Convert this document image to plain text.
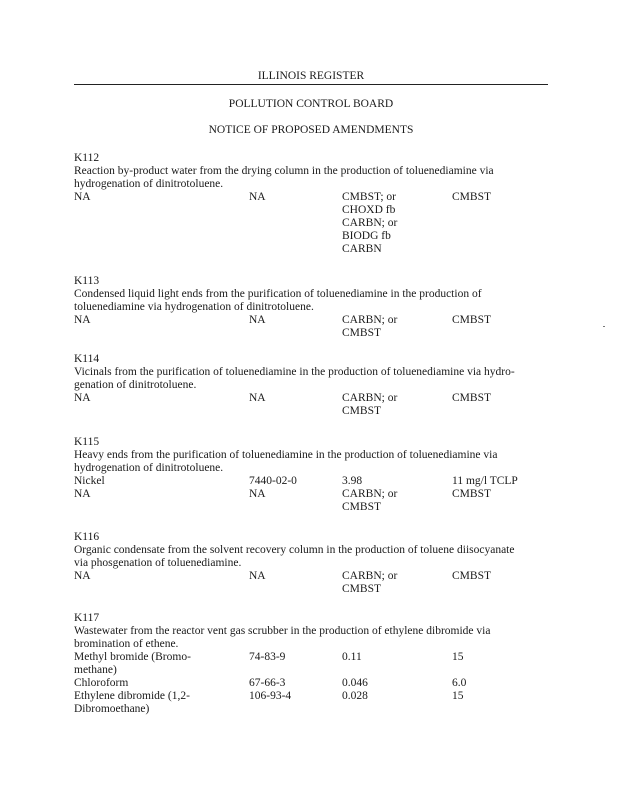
ILLINOIS REGISTER
POLLUTION CONTROL BOARD
NOTICE OF PROPOSED AMENDMENTS
K112
Reaction by-product water from the drying column in the production of toluenediamine via
hydrogenation of dinitrotoluene.
NA	NA	CMBST; or	CMBST
CHOXD fb
CARBN; or
BIODG fb
CARBN
K113
Condensed liquid light ends from the purification of toluenediamine in the production of
toluenediamine via hydrogenation of dinitrotoluene.
NA	NA	CARBN; or	CMBST
CMBST
K114
Vicinals from the purification of toluenediamine in the production of toluenediamine via hydro-
genation of dinitrotoluene.
NA	NA	CARBN; or	CMBST
CMBST
K115
Heavy ends from the purification of toluenediamine in the production of toluenediamine via
hydrogenation of dinitrotoluene.
Nickel	7440-02-0	3.98	11 mg/l TCLP
NA	NA	CARBN; or	CMBST
CMBST
K116
Organic condensate from the solvent recovery column in the production of toluene diisocyanate
via phosgenation of toluenediamine.
NA	NA	CARBN; or	CMBST
CMBST
K117
Wastewater from the reactor vent gas scrubber in the production of ethylene dibromide via
bromination of ethene.
Methyl bromide (Bromo-	74-83-9	0.11	15
methane)
Chloroform	67-66-3	0.046	6.0
Ethylene dibromide (1,2-	106-93-4	0.028	15
Dibromoethane)
